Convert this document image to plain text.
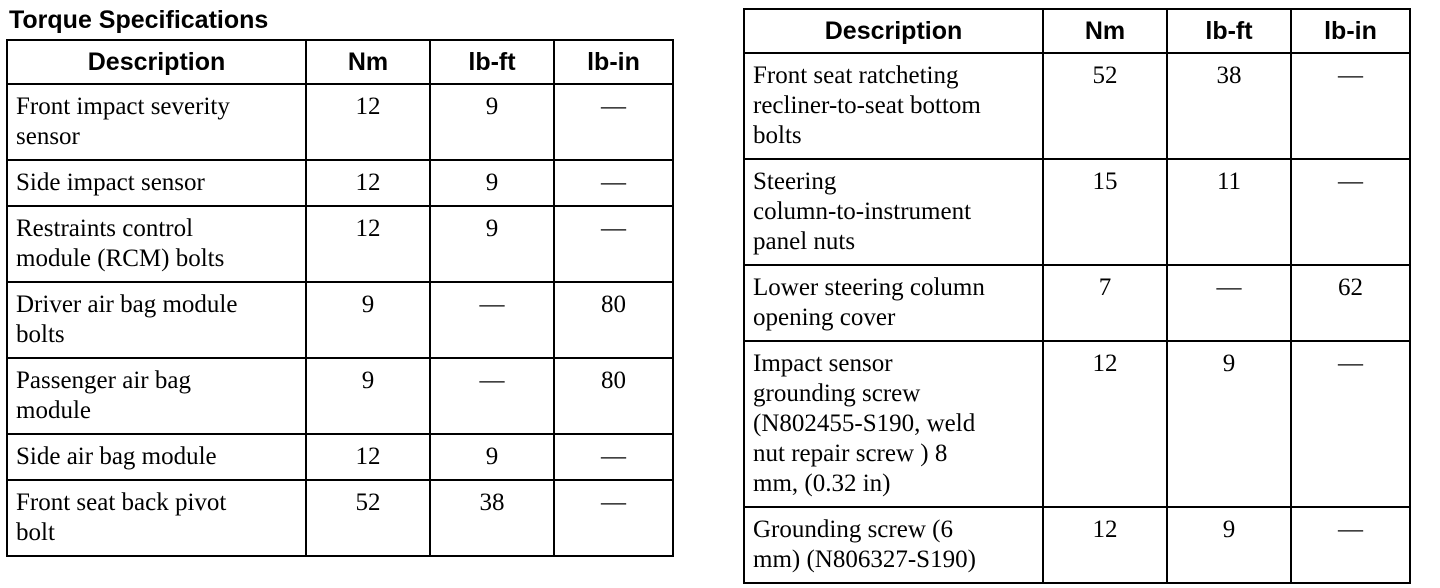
Torque Specifications
Description	Nm	lb-ft	lb-in

Front impact severity
sensor	12	9	—

Side impact sensor	12	9	—

Restraints control
module (RCM) bolts	12	9	—

Driver air bag module
bolts	9	—	80

Passenger air bag
module	9	—	80

Side air bag module	12	9	—

Front seat back pivot
bolt	52	38	—
Description	Nm	lb-ft	lb-in

Front seat ratcheting
recliner-to-seat bottom
bolts	52	38	—

Steering
column-to-instrument
panel nuts	15	11	—

Lower steering column
opening cover	7	—	62

Impact sensor
grounding screw
(N802455-S190, weld
nut repair screw ) 8
mm, (0.32 in)	12	9	—

Grounding screw (6
mm) (N806327-S190)	12	9	—
